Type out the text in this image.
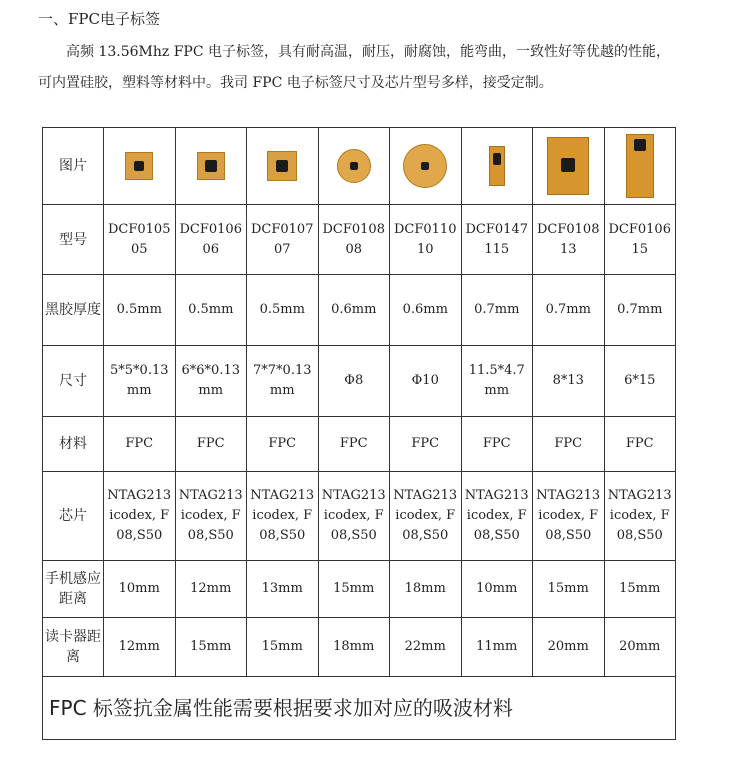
一、FPC电子标签
高频 13.56Mhz FPC 电子标签，具有耐高温，耐压，耐腐蚀，能弯曲，一致性好等优越的性能，
可内置硅胶，塑料等材料中。我司 FPC 电子标签尺寸及芯片型号多样，接受定制。
图片	

型号	DCF010505	DCF010606	DCF010707	DCF010808	DCF011010	DCF0147115	DCF010813	DCF010615
黑胶厚度	0.5mm	0.5mm	0.5mm	0.6mm	0.6mm	0.7mm	0.7mm	0.7mm
尺寸	5*5*0.13mm	6*6*0.13mm	7*7*0.13mm	Φ8	Φ10	11.5*4.7mm	8*13	6*15
材料	FPC	FPC	FPC	FPC	FPC	FPC	FPC	FPC
芯片	NTAG213 icodex, F08,S50	NTAG213 icodex, F08,S50	NTAG213 icodex, F08,S50	NTAG213 icodex, F08,S50	NTAG213 icodex, F08,S50	NTAG213 icodex, F08,S50	NTAG213 icodex, F08,S50	NTAG213 icodex, F08,S50
手机感应距离	10mm	12mm	13mm	15mm	18mm	10mm	15mm	15mm
读卡器距离	12mm	15mm	15mm	18mm	22mm	11mm	20mm	20mm
FPC 标签抗金属性能需要根据要求加对应的吸波材料								
